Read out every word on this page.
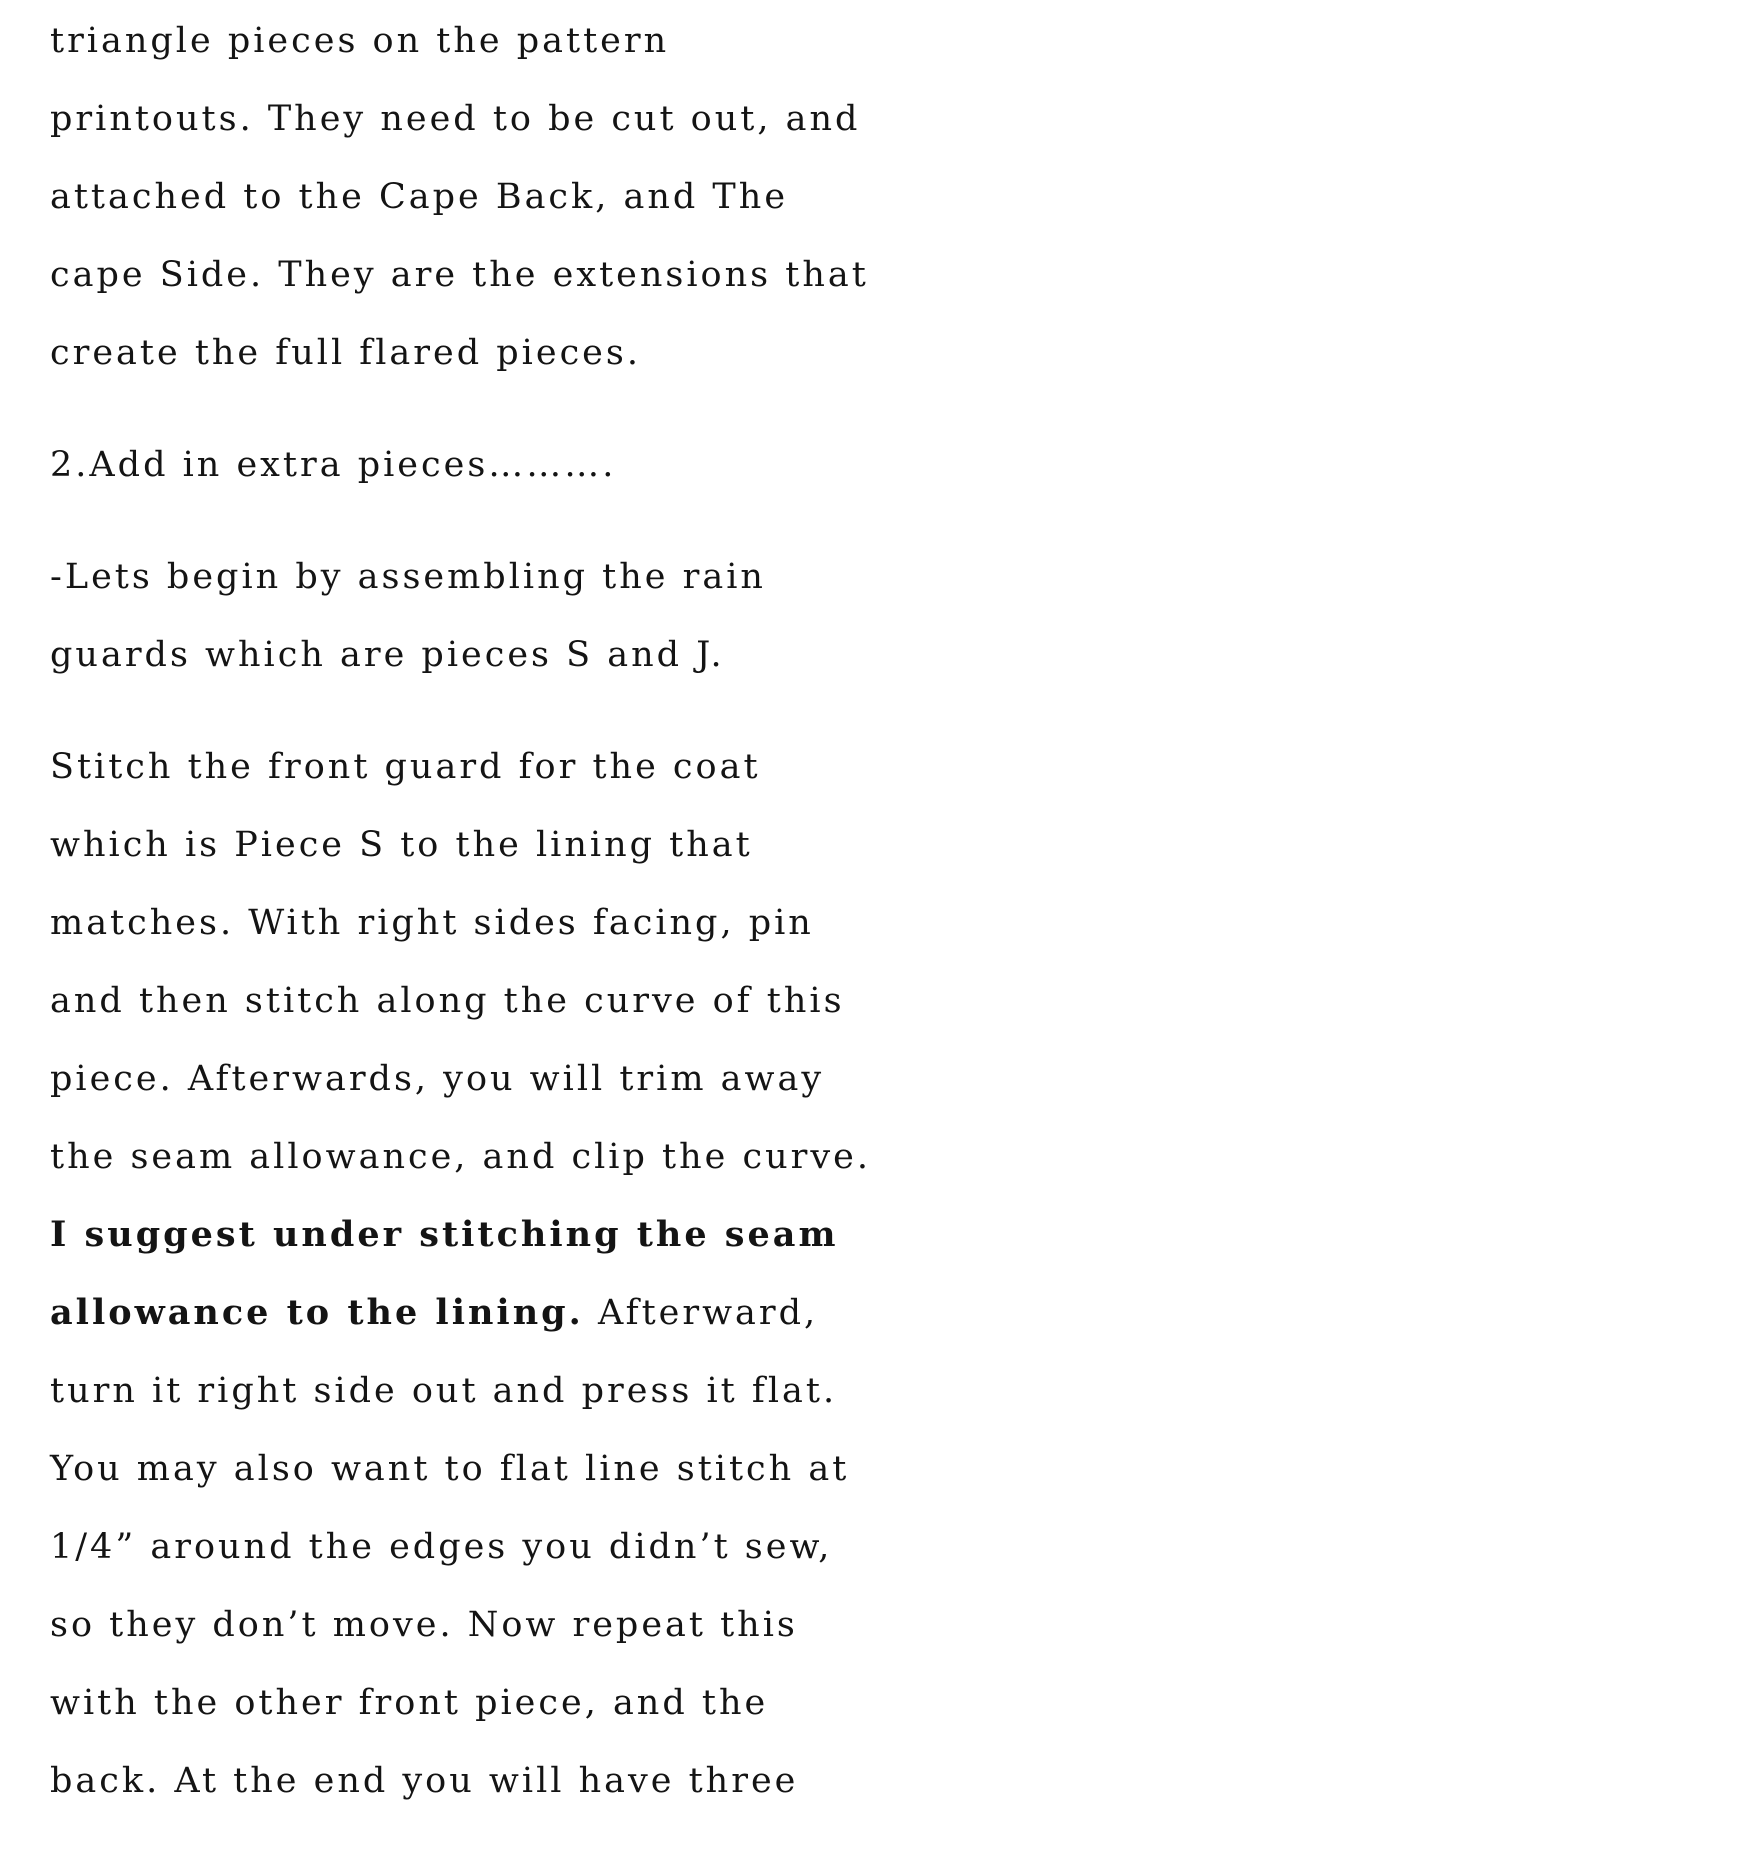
triangle pieces on the pattern
printouts. They need to be cut out, and
attached to the Cape Back, and The
cape Side. They are the extensions that
create the full flared pieces.
2.Add in extra pieces……….
-Lets begin by assembling the rain
guards which are pieces S and J.
Stitch the front guard for the coat
which is Piece S to the lining that
matches. With right sides facing, pin
and then stitch along the curve of this
piece. Afterwards, you will trim away
the seam allowance, and clip the curve.
I suggest under stitching the seam
allowance to the lining. Afterward,
turn it right side out and press it flat.
You may also want to flat line stitch at
1/4” around the edges you didn’t sew,
so they don’t move. Now repeat this
with the other front piece, and the
back. At the end you will have three
